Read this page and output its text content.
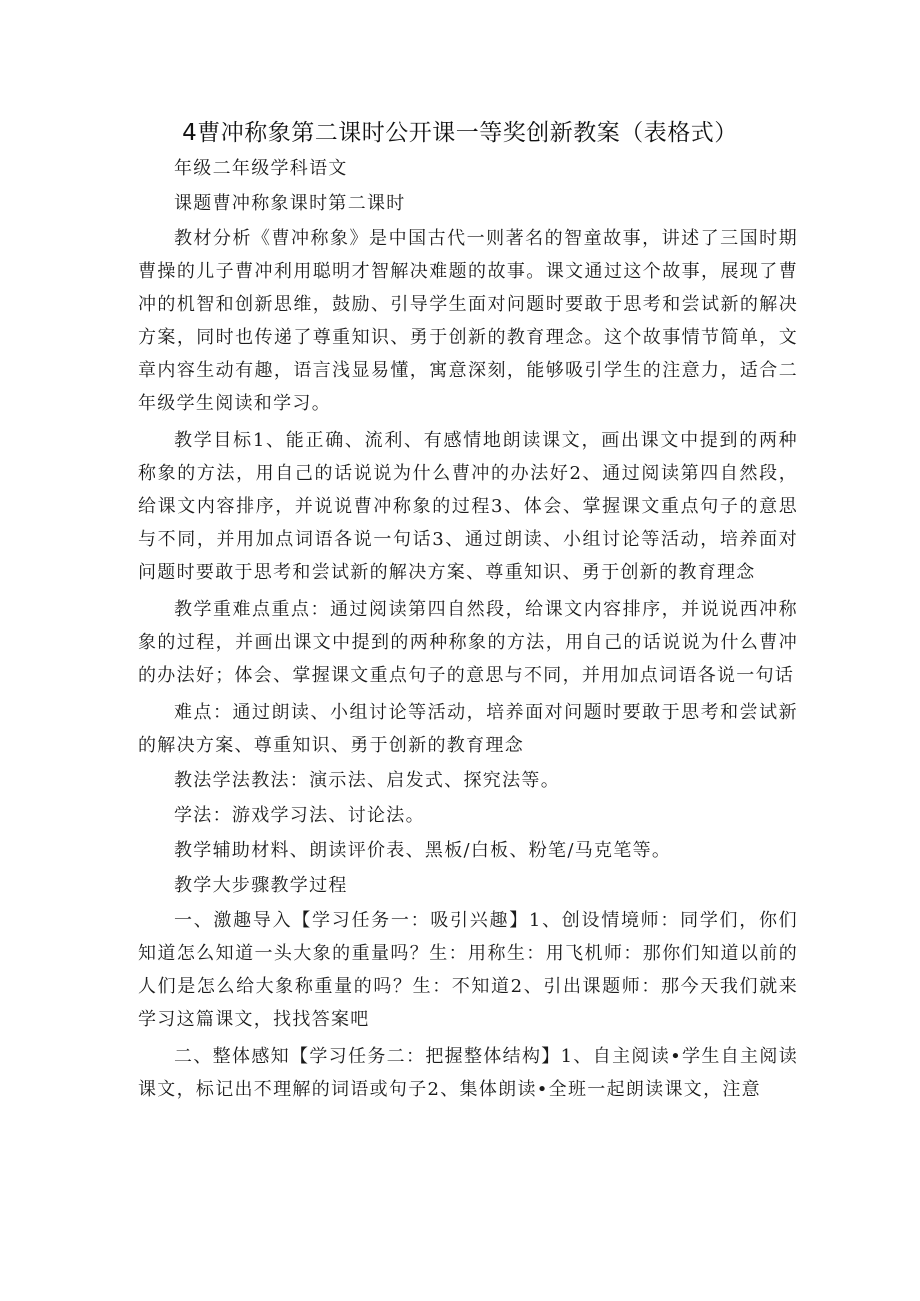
4曹冲称象第二课时公开课一等奖创新教案（表格式）

年级二年级学科语文

课题曹冲称象课时第二课时

教材分析《曹冲称象》是中国古代一则著名的智童故事，讲述了三国时期曹操的儿子曹冲利用聪明才智解决难题的故事。课文通过这个故事，展现了曹冲的机智和创新思维，鼓励、引导学生面对问题时要敢于思考和尝试新的解决方案，同时也传递了尊重知识、勇于创新的教育理念。这个故事情节简单，文章内容生动有趣，语言浅显易懂，寓意深刻，能够吸引学生的注意力，适合二年级学生阅读和学习。

教学目标1、能正确、流利、有感情地朗读课文，画出课文中提到的两种称象的方法，用自己的话说说为什么曹冲的办法好2、通过阅读第四自然段，给课文内容排序，并说说曹冲称象的过程3、体会、掌握课文重点句子的意思与不同，并用加点词语各说一句话3、通过朗读、小组讨论等活动，培养面对问题时要敢于思考和尝试新的解决方案、尊重知识、勇于创新的教育理念

教学重难点重点：通过阅读第四自然段，给课文内容排序，并说说西冲称象的过程，并画出课文中提到的两种称象的方法，用自己的话说说为什么曹冲的办法好；体会、掌握课文重点句子的意思与不同，并用加点词语各说一句话

难点：通过朗读、小组讨论等活动，培养面对问题时要敢于思考和尝试新的解决方案、尊重知识、勇于创新的教育理念

教法学法教法：演示法、启发式、探究法等。

学法：游戏学习法、讨论法。

教学辅助材料、朗读评价表、黑板/白板、粉笔/马克笔等。

教学大步骤教学过程

一、激趣导入【学习任务一：吸引兴趣】1、创设情境师：同学们，你们知道怎么知道一头大象的重量吗？生：用称生：用飞机师：那你们知道以前的人们是怎么给大象称重量的吗？生：不知道2、引出课题师：那今天我们就来学习这篇课文，找找答案吧

二、整体感知【学习任务二：把握整体结构】1、自主阅读•学生自主阅读课文，标记出不理解的词语或句子2、集体朗读•全班一起朗读课文，注意
